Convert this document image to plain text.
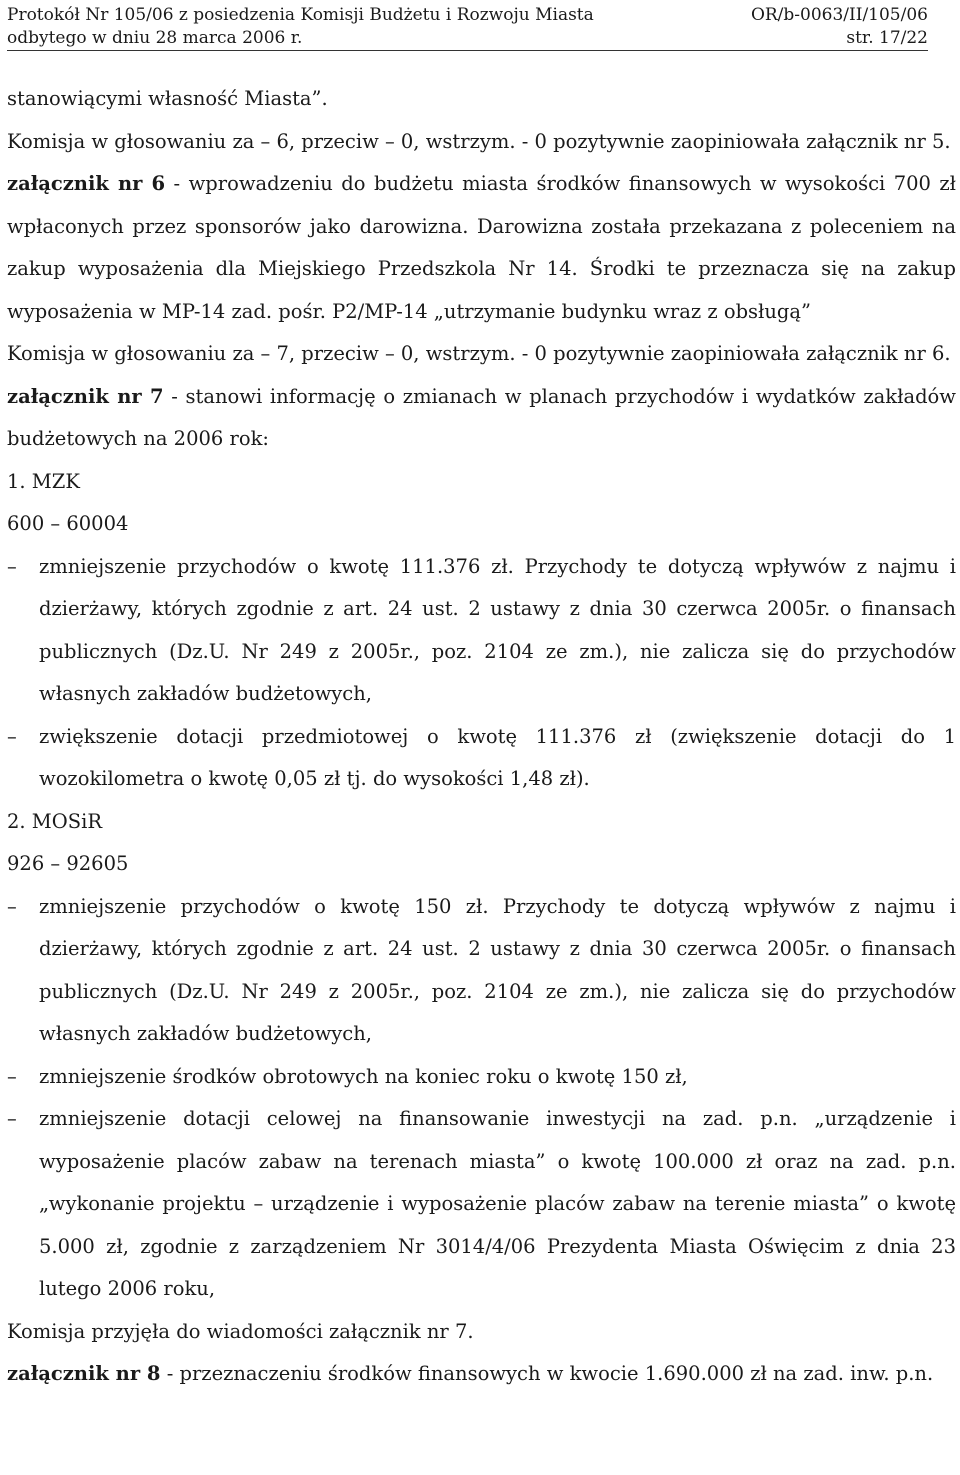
Protokół Nr 105/06 z posiedzenia Komisji Budżetu i Rozwoju Miasta
odbytego w dniu 28 marca 2006 r.
OR/b-0063/II/105/06
str. 17/22

stanowiącymi własność Miasta”.

Komisja w głosowaniu za – 6, przeciw – 0, wstrzym. - 0 pozytywnie zaopiniowała załącznik nr 5.

załącznik nr 6 - wprowadzeniu do budżetu miasta środków finansowych w wysokości 700 zł wpłaconych przez sponsorów jako darowizna. Darowizna została przekazana z poleceniem na zakup wyposażenia dla Miejskiego Przedszkola Nr 14. Środki te przeznacza się na zakup wyposażenia w MP-14 zad. pośr. P2/MP-14 „utrzymanie budynku wraz z obsługą”

Komisja w głosowaniu za – 7, przeciw – 0, wstrzym. - 0 pozytywnie zaopiniowała załącznik nr 6.

załącznik nr 7 - stanowi informację o zmianach w planach przychodów i wydatków zakładów budżetowych na 2006 rok:

1. MZK

600 – 60004

– zmniejszenie przychodów o kwotę 111.376 zł. Przychody te dotyczą wpływów z najmu i dzierżawy, których zgodnie z art. 24 ust. 2 ustawy z dnia 30 czerwca 2005r. o finansach publicznych (Dz.U. Nr 249 z 2005r., poz. 2104 ze zm.), nie zalicza się do przychodów własnych zakładów budżetowych,

– zwiększenie dotacji przedmiotowej o kwotę 111.376 zł (zwiększenie dotacji do 1 wozokilometra o kwotę 0,05 zł tj. do wysokości 1,48 zł).

2. MOSiR

926 – 92605

– zmniejszenie przychodów o kwotę 150 zł. Przychody te dotyczą wpływów z najmu i dzierżawy, których zgodnie z art. 24 ust. 2 ustawy z dnia 30 czerwca 2005r. o finansach publicznych (Dz.U. Nr 249 z 2005r., poz. 2104 ze zm.), nie zalicza się do przychodów własnych zakładów budżetowych,

– zmniejszenie środków obrotowych na koniec roku o kwotę 150 zł,

– zmniejszenie dotacji celowej na finansowanie inwestycji na zad. p.n. „urządzenie i wyposażenie placów zabaw na terenach miasta” o kwotę 100.000 zł oraz na zad. p.n. „wykonanie projektu – urządzenie i wyposażenie placów zabaw na terenie miasta” o kwotę 5.000 zł, zgodnie z zarządzeniem Nr 3014/4/06 Prezydenta Miasta Oświęcim z dnia 23 lutego 2006 roku,

Komisja przyjęła do wiadomości załącznik nr 7.

załącznik nr 8 - przeznaczeniu środków finansowych w kwocie 1.690.000 zł na zad. inw. p.n.
